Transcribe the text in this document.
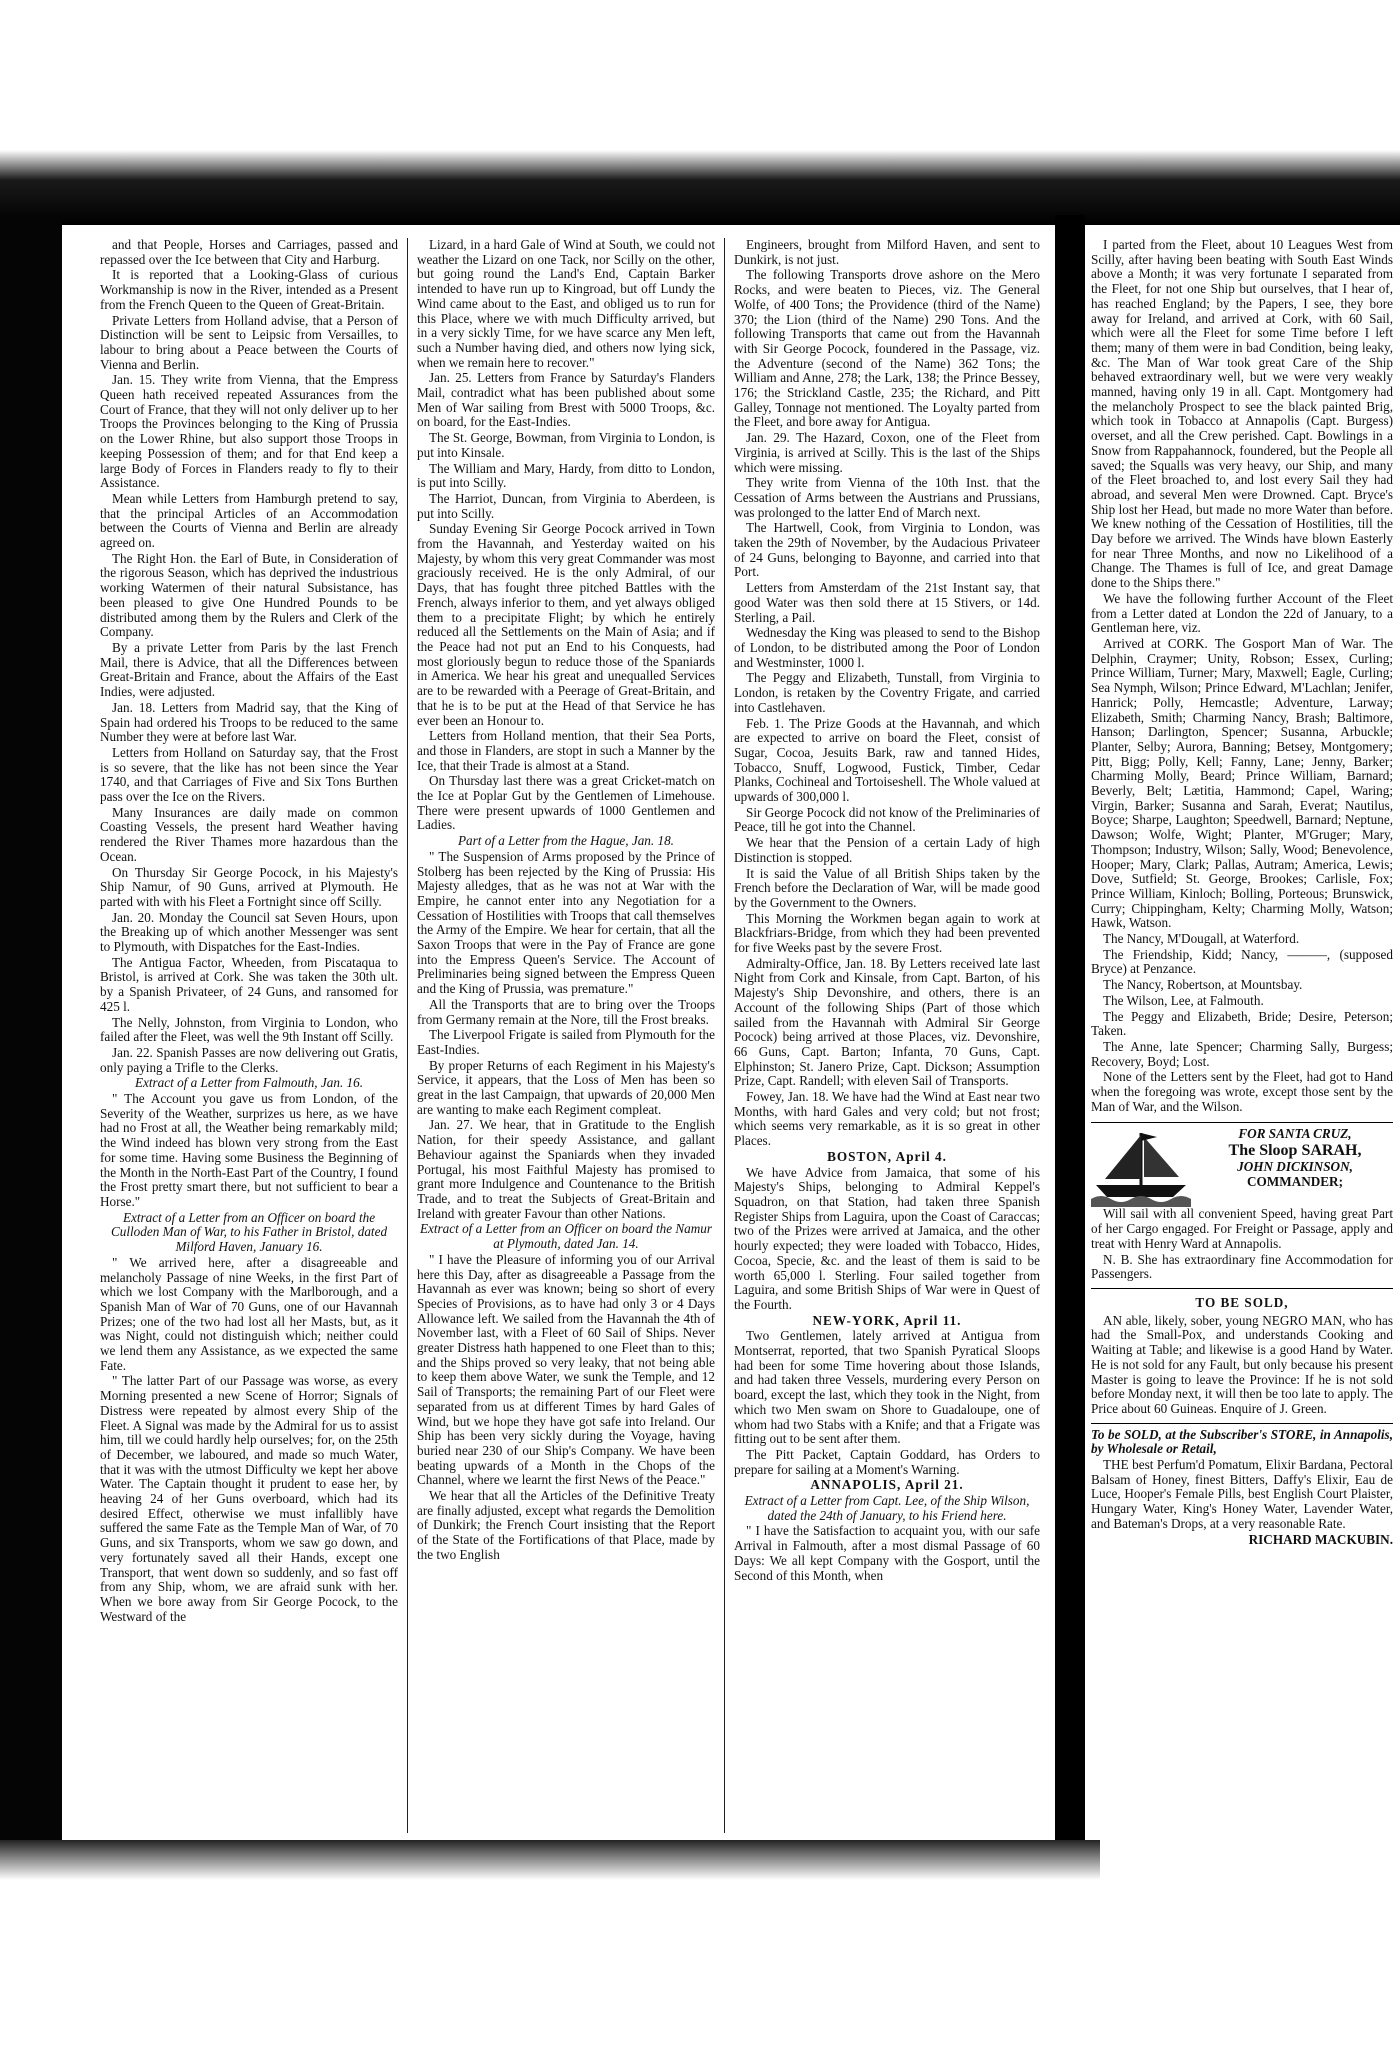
and that People, Horses and Carriages, passed and repassed over the Ice between that City and Harburg.

It is reported that a Looking-Glass of curious Workmanship is now in the River, intended as a Present from the French Queen to the Queen of Great-Britain.

Private Letters from Holland advise, that a Person of Distinction will be sent to Leipsic from Versailles, to labour to bring about a Peace between the Courts of Vienna and Berlin.

Jan. 15. They write from Vienna, that the Empress Queen hath received repeated Assurances from the Court of France, that they will not only deliver up to her Troops the Provinces belonging to the King of Prussia on the Lower Rhine, but also support those Troops in keeping Possession of them; and for that End keep a large Body of Forces in Flanders ready to fly to their Assistance.

Mean while Letters from Hamburgh pretend to say, that the principal Articles of an Accommodation between the Courts of Vienna and Berlin are already agreed on.

The Right Hon. the Earl of Bute, in Consideration of the rigorous Season, which has deprived the industrious working Watermen of their natural Subsistance, has been pleased to give One Hundred Pounds to be distributed among them by the Rulers and Clerk of the Company.

By a private Letter from Paris by the last French Mail, there is Advice, that all the Differences between Great-Britain and France, about the Affairs of the East Indies, were adjusted.

Jan. 18. Letters from Madrid say, that the King of Spain had ordered his Troops to be reduced to the same Number they were at before last War.

Letters from Holland on Saturday say, that the Frost is so severe, that the like has not been since the Year 1740, and that Carriages of Five and Six Tons Burthen pass over the Ice on the Rivers.

Many Insurances are daily made on common Coasting Vessels, the present hard Weather having rendered the River Thames more hazardous than the Ocean.

On Thursday Sir George Pocock, in his Majesty's Ship Namur, of 90 Guns, arrived at Plymouth. He parted with with his Fleet a Fortnight since off Scilly.

Jan. 20. Monday the Council sat Seven Hours, upon the Breaking up of which another Messenger was sent to Plymouth, with Dispatches for the East-Indies.

The Antigua Factor, Wheeden, from Piscataqua to Bristol, is arrived at Cork. She was taken the 30th ult. by a Spanish Privateer, of 24 Guns, and ransomed for 425 l.

The Nelly, Johnston, from Virginia to London, who failed after the Fleet, was well the 9th Instant off Scilly.

Jan. 22. Spanish Passes are now delivering out Gratis, only paying a Trifle to the Clerks.

Extract of a Letter from Falmouth, Jan. 16.

" The Account you gave us from London, of the Severity of the Weather, surprizes us here, as we have had no Frost at all, the Weather being remarkably mild; the Wind indeed has blown very strong from the East for some time. Having some Business the Beginning of the Month in the North-East Part of the Country, I found the Frost pretty smart there, but not sufficient to bear a Horse."

Extract of a Letter from an Officer on board the Culloden Man of War, to his Father in Bristol, dated Milford Haven, January 16.

" We arrived here, after a disagreeable and melancholy Passage of nine Weeks, in the first Part of which we lost Company with the Marlborough, and a Spanish Man of War of 70 Guns, one of our Havannah Prizes; one of the two had lost all her Masts, but, as it was Night, could not distinguish which; neither could we lend them any Assistance, as we expected the same Fate.

" The latter Part of our Passage was worse, as every Morning presented a new Scene of Horror; Signals of Distress were repeated by almost every Ship of the Fleet. A Signal was made by the Admiral for us to assist him, till we could hardly help ourselves; for, on the 25th of December, we laboured, and made so much Water, that it was with the utmost Difficulty we kept her above Water. The Captain thought it prudent to ease her, by heaving 24 of her Guns overboard, which had its desired Effect, otherwise we must infallibly have suffered the same Fate as the Temple Man of War, of 70 Guns, and six Transports, whom we saw go down, and very fortunately saved all their Hands, except one Transport, that went down so suddenly, and so fast off from any Ship, whom, we are afraid sunk with her. When we bore away from Sir George Pocock, to the Westward of the

Lizard, in a hard Gale of Wind at South, we could not weather the Lizard on one Tack, nor Scilly on the other, but going round the Land's End, Captain Barker intended to have run up to Kingroad, but off Lundy the Wind came about to the East, and obliged us to run for this Place, where we with much Difficulty arrived, but in a very sickly Time, for we have scarce any Men left, such a Number having died, and others now lying sick, when we remain here to recover."

Jan. 25. Letters from France by Saturday's Flanders Mail, contradict what has been published about some Men of War sailing from Brest with 5000 Troops, &c. on board, for the East-Indies.

The St. George, Bowman, from Virginia to London, is put into Kinsale.

The William and Mary, Hardy, from ditto to London, is put into Scilly.

The Harriot, Duncan, from Virginia to Aberdeen, is put into Scilly.

Sunday Evening Sir George Pocock arrived in Town from the Havannah, and Yesterday waited on his Majesty, by whom this very great Commander was most graciously received. He is the only Admiral, of our Days, that has fought three pitched Battles with the French, always inferior to them, and yet always obliged them to a precipitate Flight; by which he entirely reduced all the Settlements on the Main of Asia; and if the Peace had not put an End to his Conquests, had most gloriously begun to reduce those of the Spaniards in America. We hear his great and unequalled Services are to be rewarded with a Peerage of Great-Britain, and that he is to be put at the Head of that Service he has ever been an Honour to.

Letters from Holland mention, that their Sea Ports, and those in Flanders, are stopt in such a Manner by the Ice, that their Trade is almost at a Stand.

On Thursday last there was a great Cricket-match on the Ice at Poplar Gut by the Gentlemen of Limehouse. There were present upwards of 1000 Gentlemen and Ladies.

Part of a Letter from the Hague, Jan. 18.

" The Suspension of Arms proposed by the Prince of Stolberg has been rejected by the King of Prussia: His Majesty alledges, that as he was not at War with the Empire, he cannot enter into any Negotiation for a Cessation of Hostilities with Troops that call themselves the Army of the Empire. We hear for certain, that all the Saxon Troops that were in the Pay of France are gone into the Empress Queen's Service. The Account of Preliminaries being signed between the Empress Queen and the King of Prussia, was premature."

All the Transports that are to bring over the Troops from Germany remain at the Nore, till the Frost breaks.

The Liverpool Frigate is sailed from Plymouth for the East-Indies.

By proper Returns of each Regiment in his Majesty's Service, it appears, that the Loss of Men has been so great in the last Campaign, that upwards of 20,000 Men are wanting to make each Regiment compleat.

Jan. 27. We hear, that in Gratitude to the English Nation, for their speedy Assistance, and gallant Behaviour against the Spaniards when they invaded Portugal, his most Faithful Majesty has promised to grant more Indulgence and Countenance to the British Trade, and to treat the Subjects of Great-Britain and Ireland with greater Favour than other Nations.

Extract of a Letter from an Officer on board the Namur at Plymouth, dated Jan. 14.

" I have the Pleasure of informing you of our Arrival here this Day, after as disagreeable a Passage from the Havannah as ever was known; being so short of every Species of Provisions, as to have had only 3 or 4 Days Allowance left. We sailed from the Havannah the 4th of November last, with a Fleet of 60 Sail of Ships. Never greater Distress hath happened to one Fleet than to this; and the Ships proved so very leaky, that not being able to keep them above Water, we sunk the Temple, and 12 Sail of Transports; the remaining Part of our Fleet were separated from us at different Times by hard Gales of Wind, but we hope they have got safe into Ireland. Our Ship has been very sickly during the Voyage, having buried near 230 of our Ship's Company. We have been beating upwards of a Month in the Chops of the Channel, where we learnt the first News of the Peace."

We hear that all the Articles of the Definitive Treaty are finally adjusted, except what regards the Demolition of Dunkirk; the French Court insisting that the Report of the State of the Fortifications of that Place, made by the two English

Engineers, brought from Milford Haven, and sent to Dunkirk, is not just.

The following Transports drove ashore on the Mero Rocks, and were beaten to Pieces, viz. The General Wolfe, of 400 Tons; the Providence (third of the Name) 370; the Lion (third of the Name) 290 Tons. And the following Transports that came out from the Havannah with Sir George Pocock, foundered in the Passage, viz. the Adventure (second of the Name) 362 Tons; the William and Anne, 278; the Lark, 138; the Prince Bessey, 176; the Strickland Castle, 235; the Richard, and Pitt Galley, Tonnage not mentioned. The Loyalty parted from the Fleet, and bore away for Antigua.

Jan. 29. The Hazard, Coxon, one of the Fleet from Virginia, is arrived at Scilly. This is the last of the Ships which were missing.

They write from Vienna of the 10th Inst. that the Cessation of Arms between the Austrians and Prussians, was prolonged to the latter End of March next.

The Hartwell, Cook, from Virginia to London, was taken the 29th of November, by the Audacious Privateer of 24 Guns, belonging to Bayonne, and carried into that Port.

Letters from Amsterdam of the 21st Instant say, that good Water was then sold there at 15 Stivers, or 14d. Sterling, a Pail.

Wednesday the King was pleased to send to the Bishop of London, to be distributed among the Poor of London and Westminster, 1000 l.

The Peggy and Elizabeth, Tunstall, from Virginia to London, is retaken by the Coventry Frigate, and carried into Castlehaven.

Feb. 1. The Prize Goods at the Havannah, and which are expected to arrive on board the Fleet, consist of Sugar, Cocoa, Jesuits Bark, raw and tanned Hides, Tobacco, Snuff, Logwood, Fustick, Timber, Cedar Planks, Cochineal and Tortoiseshell. The Whole valued at upwards of 300,000 l.

Sir George Pocock did not know of the Preliminaries of Peace, till he got into the Channel.

We hear that the Pension of a certain Lady of high Distinction is stopped.

It is said the Value of all British Ships taken by the French before the Declaration of War, will be made good by the Government to the Owners.

This Morning the Workmen began again to work at Blackfriars-Bridge, from which they had been prevented for five Weeks past by the severe Frost.

Admiralty-Office, Jan. 18. By Letters received late last Night from Cork and Kinsale, from Capt. Barton, of his Majesty's Ship Devonshire, and others, there is an Account of the following Ships (Part of those which sailed from the Havannah with Admiral Sir George Pocock) being arrived at those Places, viz. Devonshire, 66 Guns, Capt. Barton; Infanta, 70 Guns, Capt. Elphinston; St. Janero Prize, Capt. Dickson; Assumption Prize, Capt. Randell; with eleven Sail of Transports.

Fowey, Jan. 18. We have had the Wind at East near two Months, with hard Gales and very cold; but not frost; which seems very remarkable, as it is so great in other Places.

BOSTON, April 4.

We have Advice from Jamaica, that some of his Majesty's Ships, belonging to Admiral Keppel's Squadron, on that Station, had taken three Spanish Register Ships from Laguira, upon the Coast of Caraccas; two of the Prizes were arrived at Jamaica, and the other hourly expected; they were loaded with Tobacco, Hides, Cocoa, Specie, &c. and the least of them is said to be worth 65,000 l. Sterling. Four sailed together from Laguira, and some British Ships of War were in Quest of the Fourth.

NEW-YORK, April 11.

Two Gentlemen, lately arrived at Antigua from Montserrat, reported, that two Spanish Pyratical Sloops had been for some Time hovering about those Islands, and had taken three Vessels, murdering every Person on board, except the last, which they took in the Night, from which two Men swam on Shore to Guadaloupe, one of whom had two Stabs with a Knife; and that a Frigate was fitting out to be sent after them.

The Pitt Packet, Captain Goddard, has Orders to prepare for sailing at a Moment's Warning.

ANNAPOLIS, April 21.

Extract of a Letter from Capt. Lee, of the Ship Wilson, dated the 24th of January, to his Friend here.

" I have the Satisfaction to acquaint you, with our safe Arrival in Falmouth, after a most dismal Passage of 60 Days: We all kept Company with the Gosport, until the Second of this Month, when

I parted from the Fleet, about 10 Leagues West from Scilly, after having been beating with South East Winds above a Month; it was very fortunate I separated from the Fleet, for not one Ship but ourselves, that I hear of, has reached England; by the Papers, I see, they bore away for Ireland, and arrived at Cork, with 60 Sail, which were all the Fleet for some Time before I left them; many of them were in bad Condition, being leaky, &c. The Man of War took great Care of the Ship behaved extraordinary well, but we were very weakly manned, having only 19 in all. Capt. Montgomery had the melancholy Prospect to see the black painted Brig, which took in Tobacco at Annapolis (Capt. Burgess) overset, and all the Crew perished. Capt. Bowlings in a Snow from Rappahannock, foundered, but the People all saved; the Squalls was very heavy, our Ship, and many of the Fleet broached to, and lost every Sail they had abroad, and several Men were Drowned. Capt. Bryce's Ship lost her Head, but made no more Water than before. We knew nothing of the Cessation of Hostilities, till the Day before we arrived. The Winds have blown Easterly for near Three Months, and now no Likelihood of a Change. The Thames is full of Ice, and great Damage done to the Ships there."

We have the following further Account of the Fleet from a Letter dated at London the 22d of January, to a Gentleman here, viz.

Arrived at CORK. The Gosport Man of War. The Delphin, Craymer; Unity, Robson; Essex, Curling; Prince William, Turner; Mary, Maxwell; Eagle, Curling; Sea Nymph, Wilson; Prince Edward, M'Lachlan; Jenifer, Hanrick; Polly, Hemcastle; Adventure, Larway; Elizabeth, Smith; Charming Nancy, Brash; Baltimore, Hanson; Darlington, Spencer; Susanna, Arbuckle; Planter, Selby; Aurora, Banning; Betsey, Montgomery; Pitt, Bigg; Polly, Kell; Fanny, Lane; Jenny, Barker; Charming Molly, Beard; Prince William, Barnard; Beverly, Belt; Lætitia, Hammond; Capel, Waring; Virgin, Barker; Susanna and Sarah, Everat; Nautilus, Boyce; Sharpe, Laughton; Speedwell, Barnard; Neptune, Dawson; Wolfe, Wight; Planter, M'Gruger; Mary, Thompson; Industry, Wilson; Sally, Wood; Benevolence, Hooper; Mary, Clark; Pallas, Autram; America, Lewis; Dove, Sutfield; St. George, Brookes; Carlisle, Fox; Prince William, Kinloch; Bolling, Porteous; Brunswick, Curry; Chippingham, Kelty; Charming Molly, Watson; Hawk, Watson.

The Nancy, M'Dougall, at Waterford.

The Friendship, Kidd; Nancy, ———, (supposed Bryce) at Penzance.

The Nancy, Robertson, at Mountsbay.

The Wilson, Lee, at Falmouth.

The Peggy and Elizabeth, Bride; Desire, Peterson; Taken.

The Anne, late Spencer; Charming Sally, Burgess; Recovery, Boyd; Lost.

None of the Letters sent by the Fleet, had got to Hand when the foregoing was wrote, except those sent by the Man of War, and the Wilson.

FOR SANTA CRUZ,
The Sloop SARAH,
JOHN DICKINSON,
COMMANDER;

Will sail with all convenient Speed, having great Part of her Cargo engaged. For Freight or Passage, apply and treat with Henry Ward at Annapolis.

N. B. She has extraordinary fine Accommodation for Passengers.

TO BE SOLD,

AN able, likely, sober, young NEGRO MAN, who has had the Small-Pox, and understands Cooking and Waiting at Table; and likewise is a good Hand by Water. He is not sold for any Fault, but only because his present Master is going to leave the Province: If he is not sold before Monday next, it will then be too late to apply. The Price about 60 Guineas. Enquire of J. Green.

To be SOLD, at the Subscriber's STORE, in Annapolis, by Wholesale or Retail,

THE best Perfum'd Pomatum, Elixir Bardana, Pectoral Balsam of Honey, finest Bitters, Daffy's Elixir, Eau de Luce, Hooper's Female Pills, best English Court Plaister, Hungary Water, King's Honey Water, Lavender Water, and Bateman's Drops, at a very reasonable Rate.

RICHARD MACKUBIN.
